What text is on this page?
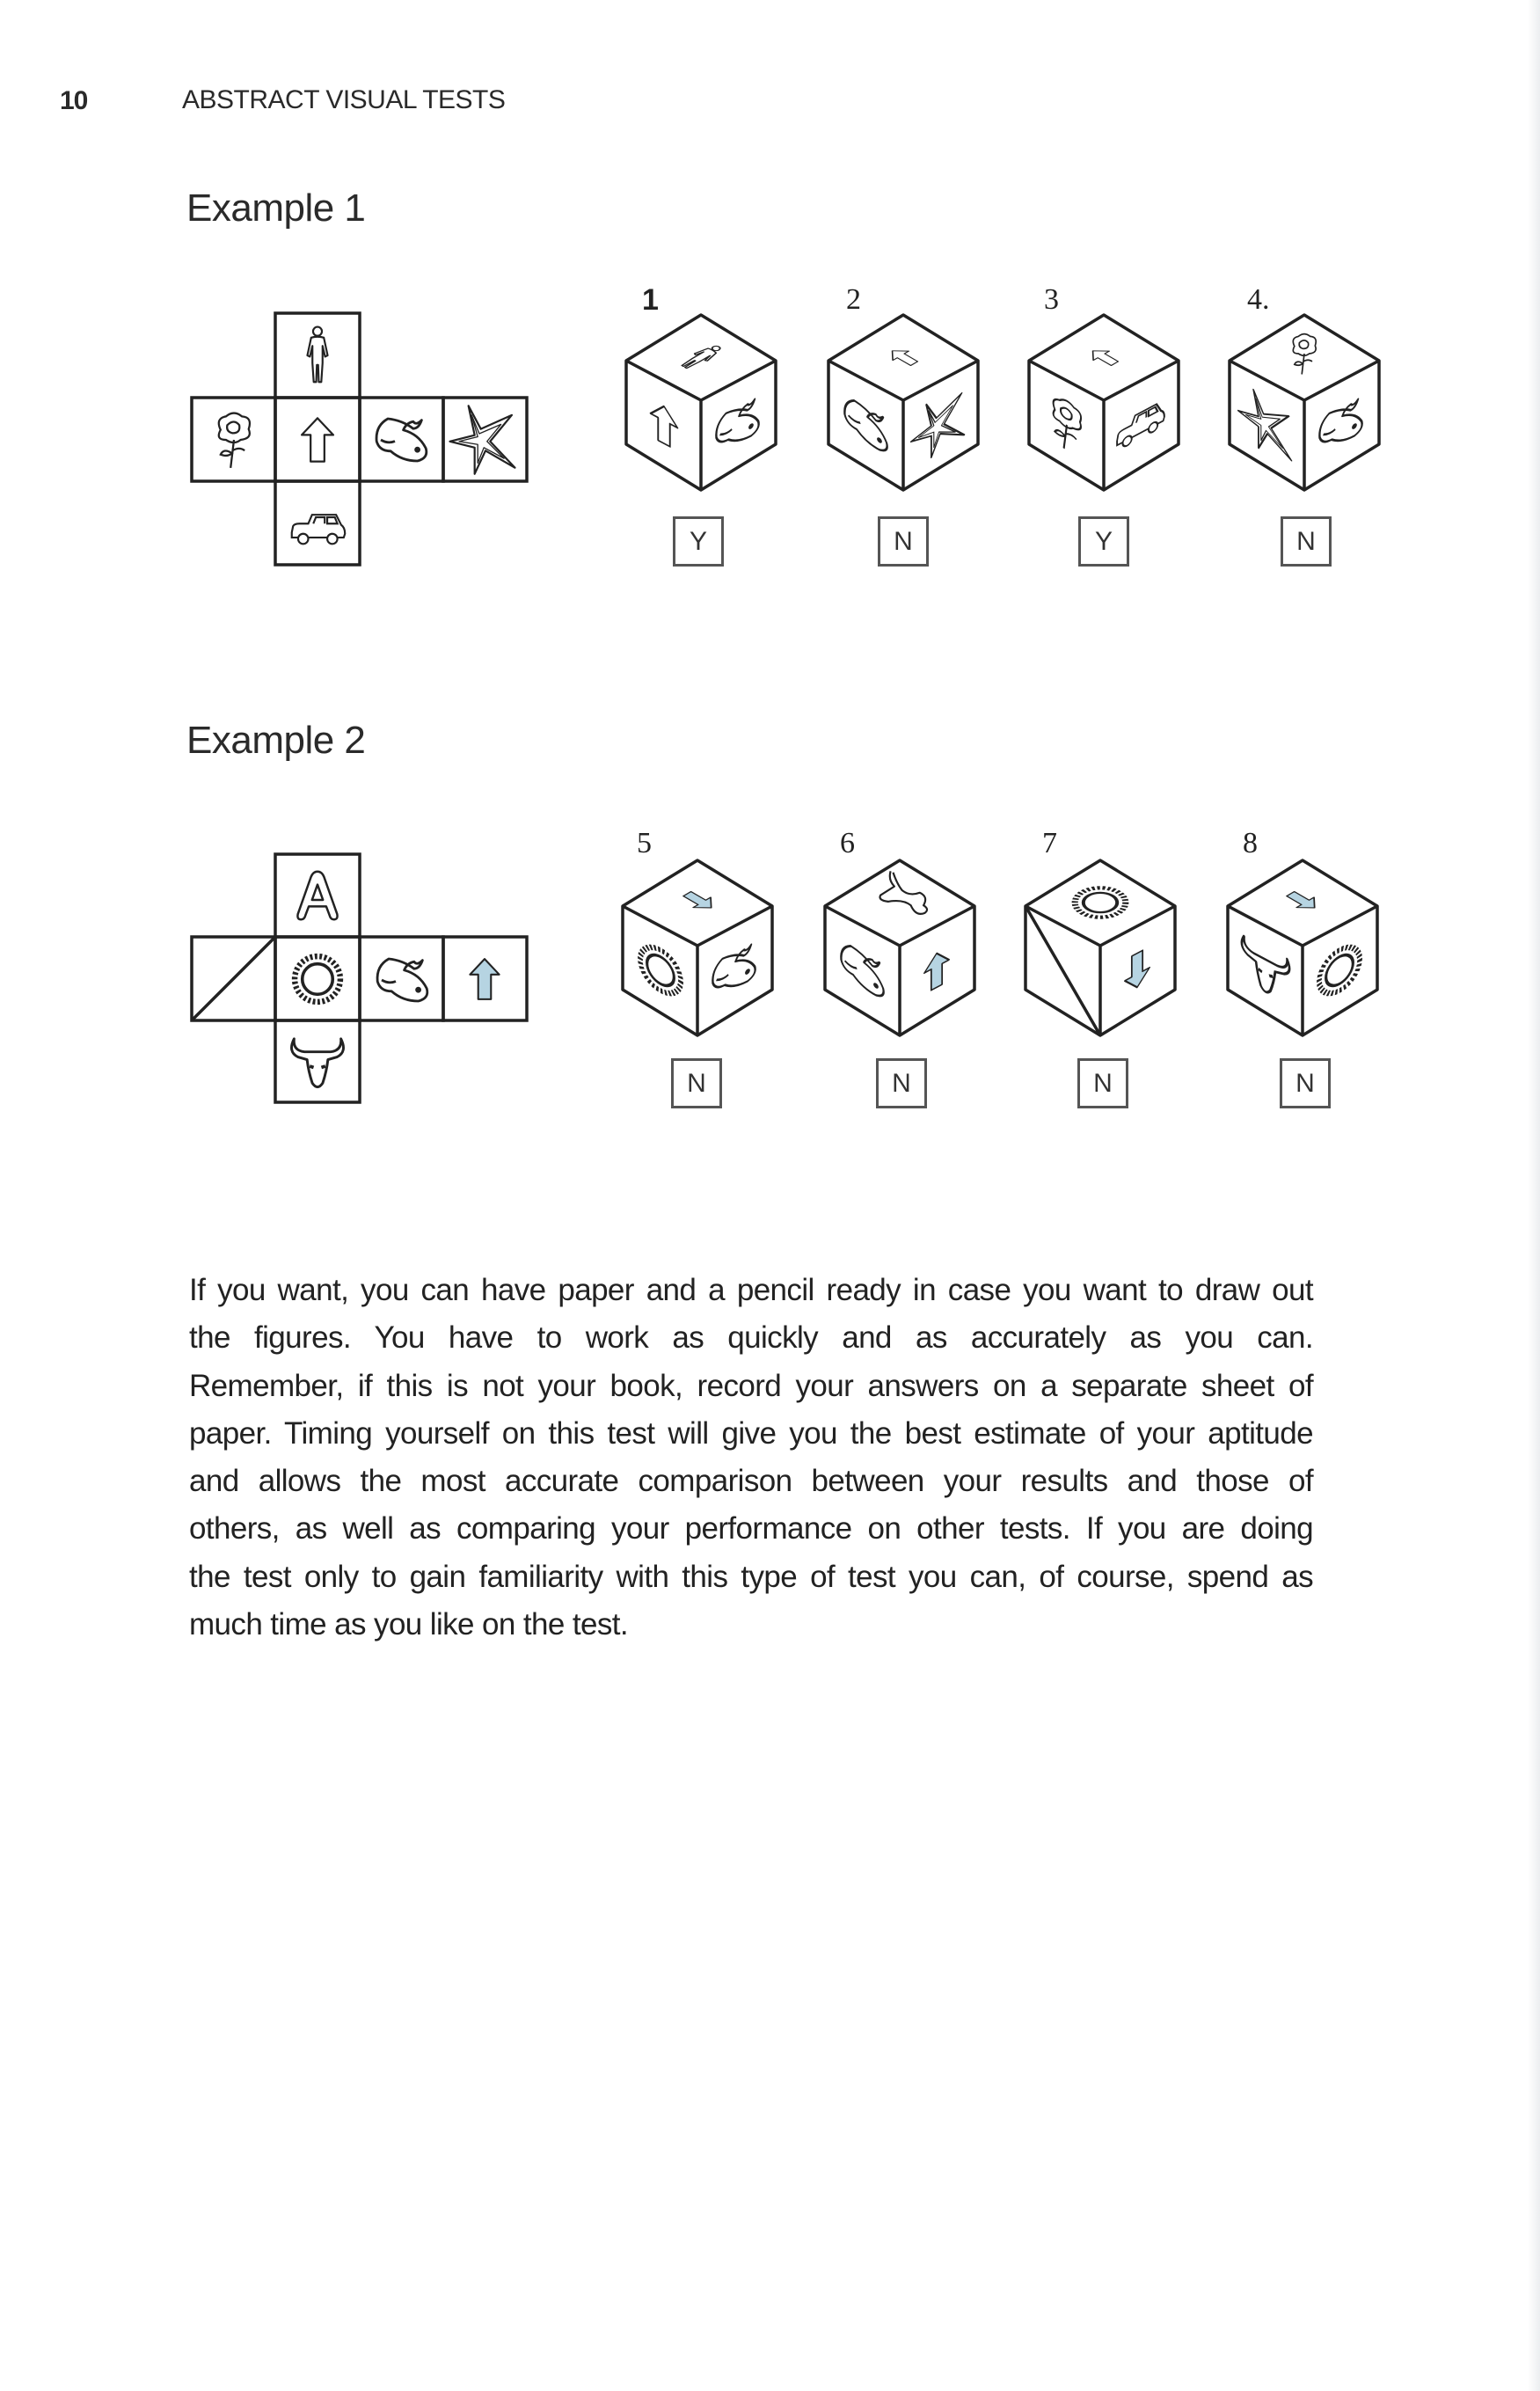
10	ABSTRACT VISUAL TESTS
Example 1
Example 2
1	2	3	4.
5	6	7	8
Y	N	Y	N
N	N	N	N
If you want, you can have paper and a pencil ready in case you want to draw out
the figures. You have to work as quickly and as accurately as you can.
Remember, if this is not your book, record your answers on a separate sheet of
paper. Timing yourself on this test will give you the best estimate of your aptitude
and allows the most accurate comparison between your results and those of
others, as well as comparing your performance on other tests. If you are doing
the test only to gain familiarity with this type of test you can, of course, spend as
much time as you like on the test.
